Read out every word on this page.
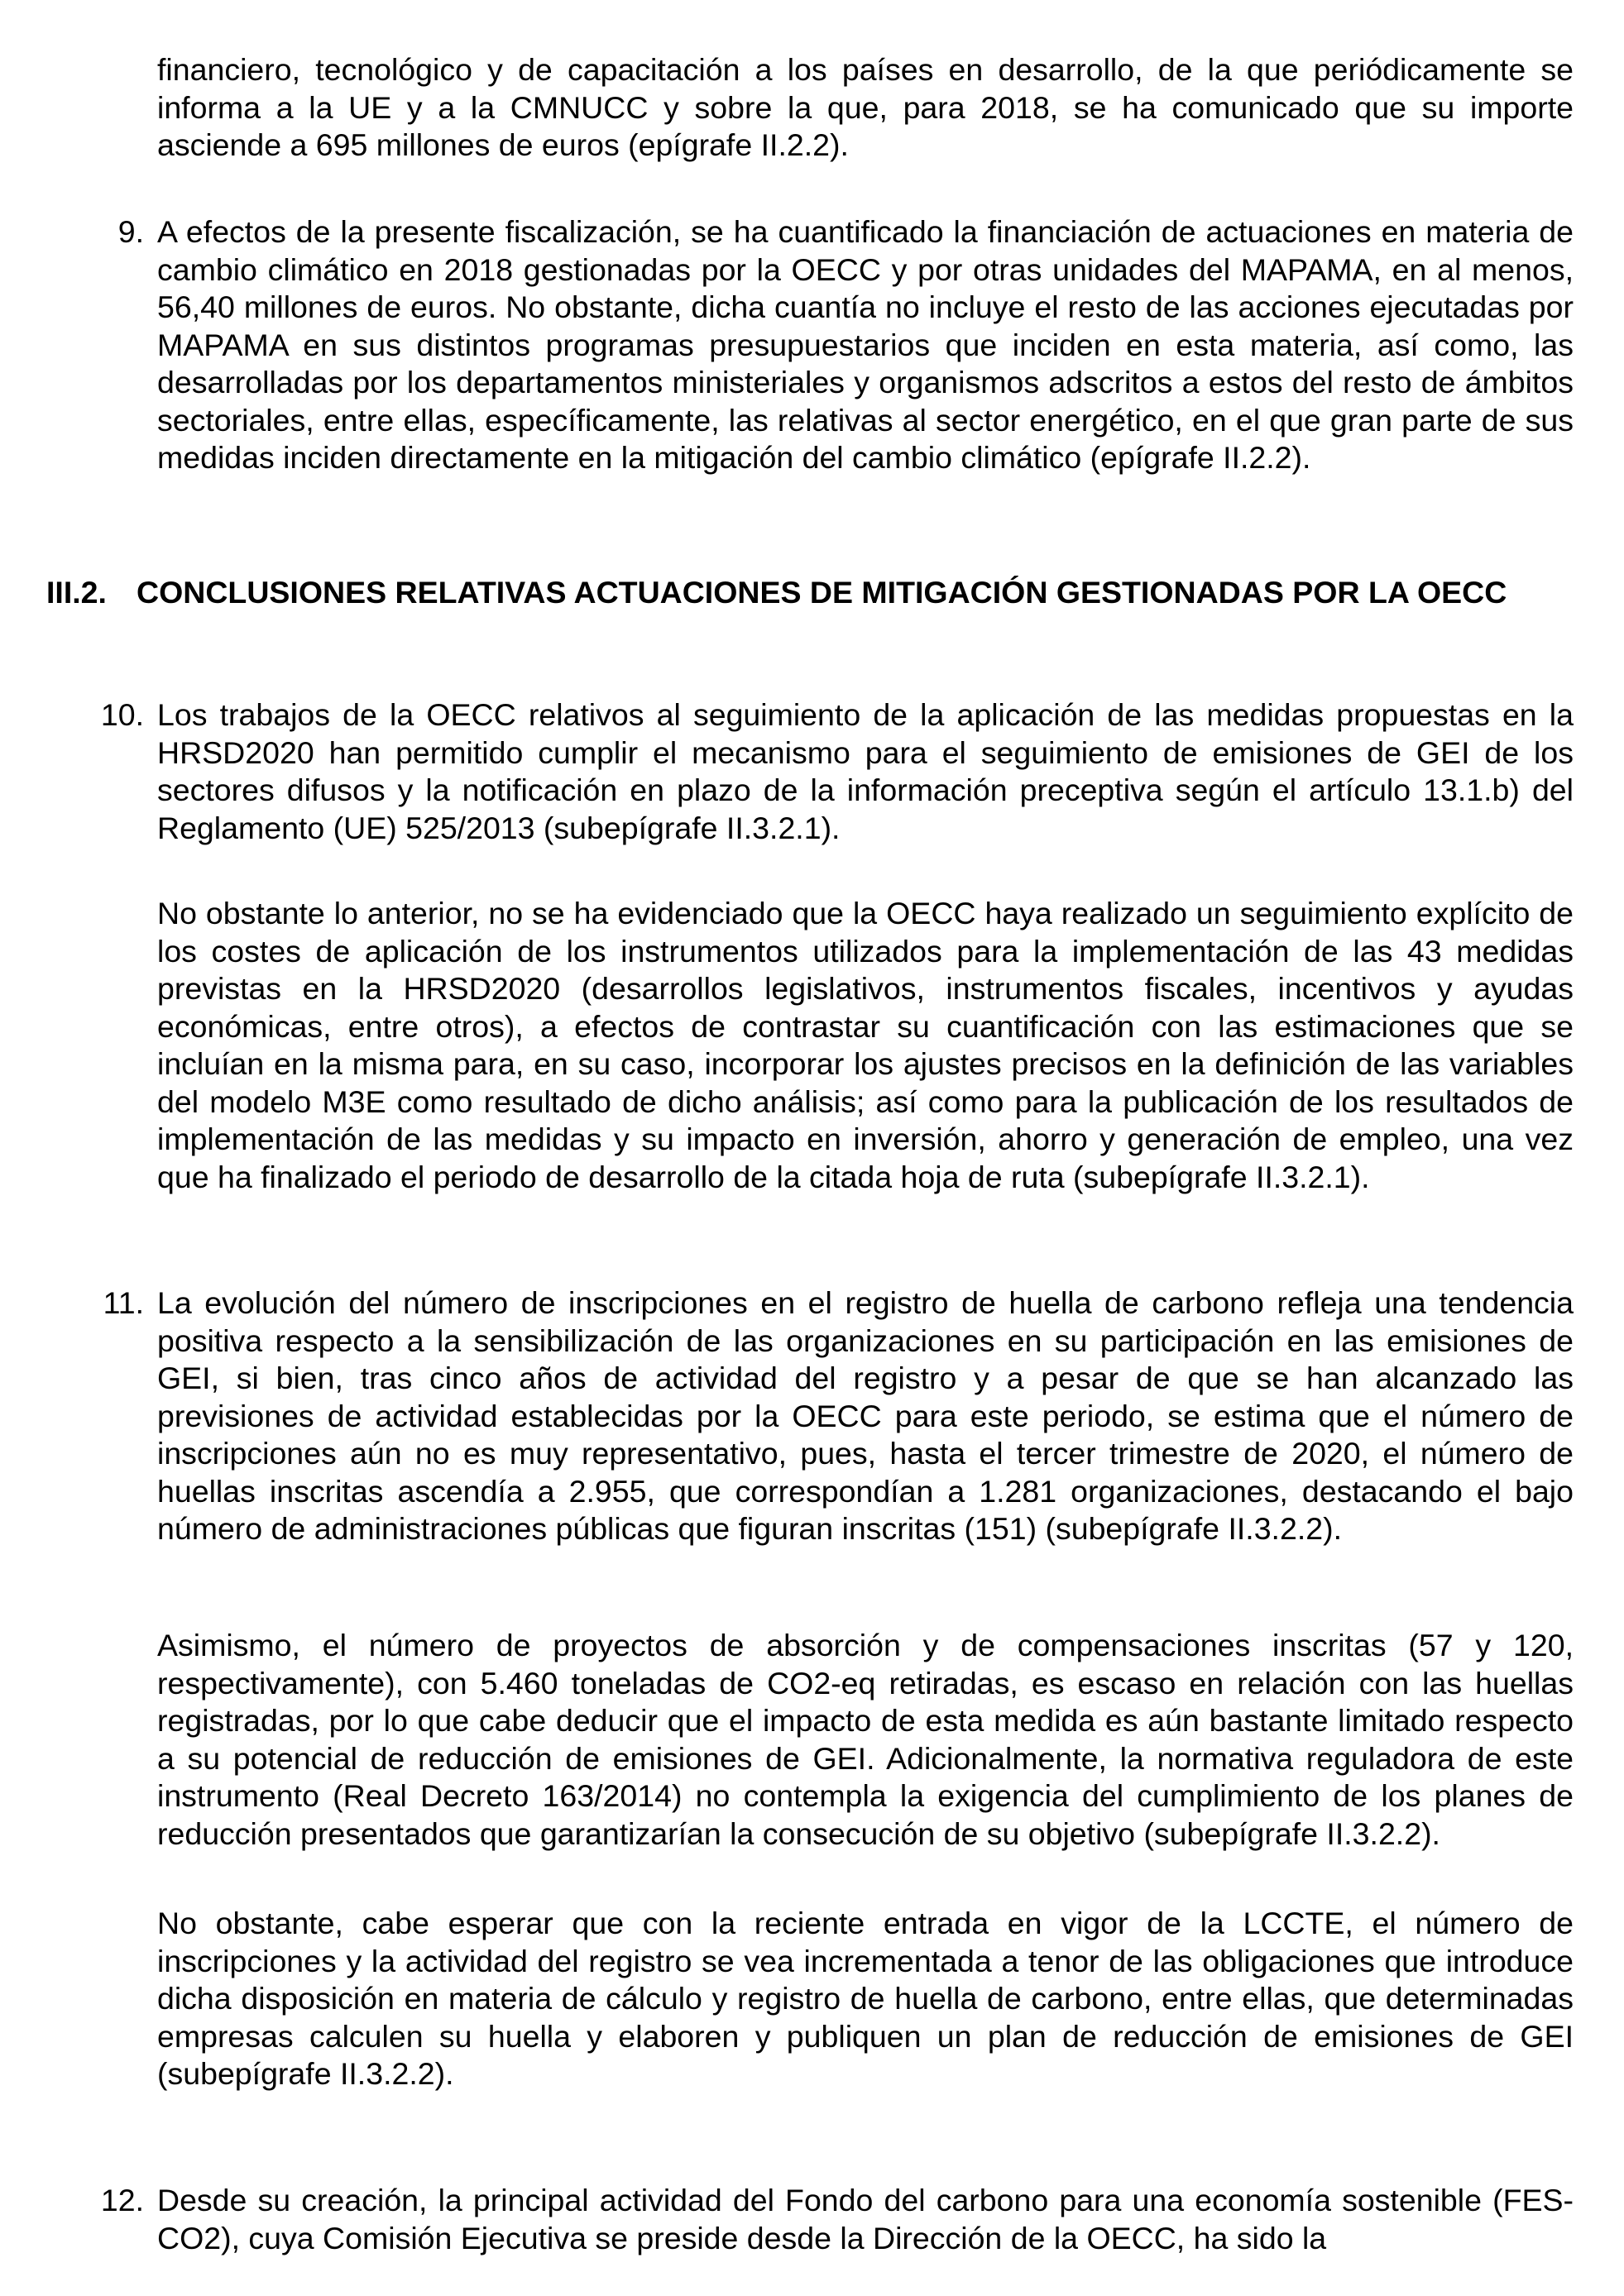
financiero, tecnológico y de capacitación a los países en desarrollo, de la que periódicamente se informa a la UE y a la CMNUCC y sobre la que, para 2018, se ha comunicado que su importe asciende a 695 millones de euros (epígrafe II.2.2).

9. A efectos de la presente fiscalización, se ha cuantificado la financiación de actuaciones en materia de cambio climático en 2018 gestionadas por la OECC y por otras unidades del MAPAMA, en al menos, 56,40 millones de euros. No obstante, dicha cuantía no incluye el resto de las acciones ejecutadas por MAPAMA en sus distintos programas presupuestarios que inciden en esta materia, así como, las desarrolladas por los departamentos ministeriales y organismos adscritos a estos del resto de ámbitos sectoriales, entre ellas, específicamente, las relativas al sector energético, en el que gran parte de sus medidas inciden directamente en la mitigación del cambio climático (epígrafe II.2.2).

III.2. CONCLUSIONES RELATIVAS ACTUACIONES DE MITIGACIÓN GESTIONADAS POR LA OECC

10. Los trabajos de la OECC relativos al seguimiento de la aplicación de las medidas propuestas en la HRSD2020 han permitido cumplir el mecanismo para el seguimiento de emisiones de GEI de los sectores difusos y la notificación en plazo de la información preceptiva según el artículo 13.1.b) del Reglamento (UE) 525/2013 (subepígrafe II.3.2.1).

No obstante lo anterior, no se ha evidenciado que la OECC haya realizado un seguimiento explícito de los costes de aplicación de los instrumentos utilizados para la implementación de las 43 medidas previstas en la HRSD2020 (desarrollos legislativos, instrumentos fiscales, incentivos y ayudas económicas, entre otros), a efectos de contrastar su cuantificación con las estimaciones que se incluían en la misma para, en su caso, incorporar los ajustes precisos en la definición de las variables del modelo M3E como resultado de dicho análisis; así como para la publicación de los resultados de implementación de las medidas y su impacto en inversión, ahorro y generación de empleo, una vez que ha finalizado el periodo de desarrollo de la citada hoja de ruta (subepígrafe II.3.2.1).

11. La evolución del número de inscripciones en el registro de huella de carbono refleja una tendencia positiva respecto a la sensibilización de las organizaciones en su participación en las emisiones de GEI, si bien, tras cinco años de actividad del registro y a pesar de que se han alcanzado las previsiones de actividad establecidas por la OECC para este periodo, se estima que el número de inscripciones aún no es muy representativo, pues, hasta el tercer trimestre de 2020, el número de huellas inscritas ascendía a 2.955, que correspondían a 1.281 organizaciones, destacando el bajo número de administraciones públicas que figuran inscritas (151) (subepígrafe II.3.2.2).

Asimismo, el número de proyectos de absorción y de compensaciones inscritas (57 y 120, respectivamente), con 5.460 toneladas de CO2-eq retiradas, es escaso en relación con las huellas registradas, por lo que cabe deducir que el impacto de esta medida es aún bastante limitado respecto a su potencial de reducción de emisiones de GEI. Adicionalmente, la normativa reguladora de este instrumento (Real Decreto 163/2014) no contempla la exigencia del cumplimiento de los planes de reducción presentados que garantizarían la consecución de su objetivo (subepígrafe II.3.2.2).

No obstante, cabe esperar que con la reciente entrada en vigor de la LCCTE, el número de inscripciones y la actividad del registro se vea incrementada a tenor de las obligaciones que introduce dicha disposición en materia de cálculo y registro de huella de carbono, entre ellas, que determinadas empresas calculen su huella y elaboren y publiquen un plan de reducción de emisiones de GEI (subepígrafe II.3.2.2).

12. Desde su creación, la principal actividad del Fondo del carbono para una economía sostenible (FES-CO2), cuya Comisión Ejecutiva se preside desde la Dirección de la OECC, ha sido la
